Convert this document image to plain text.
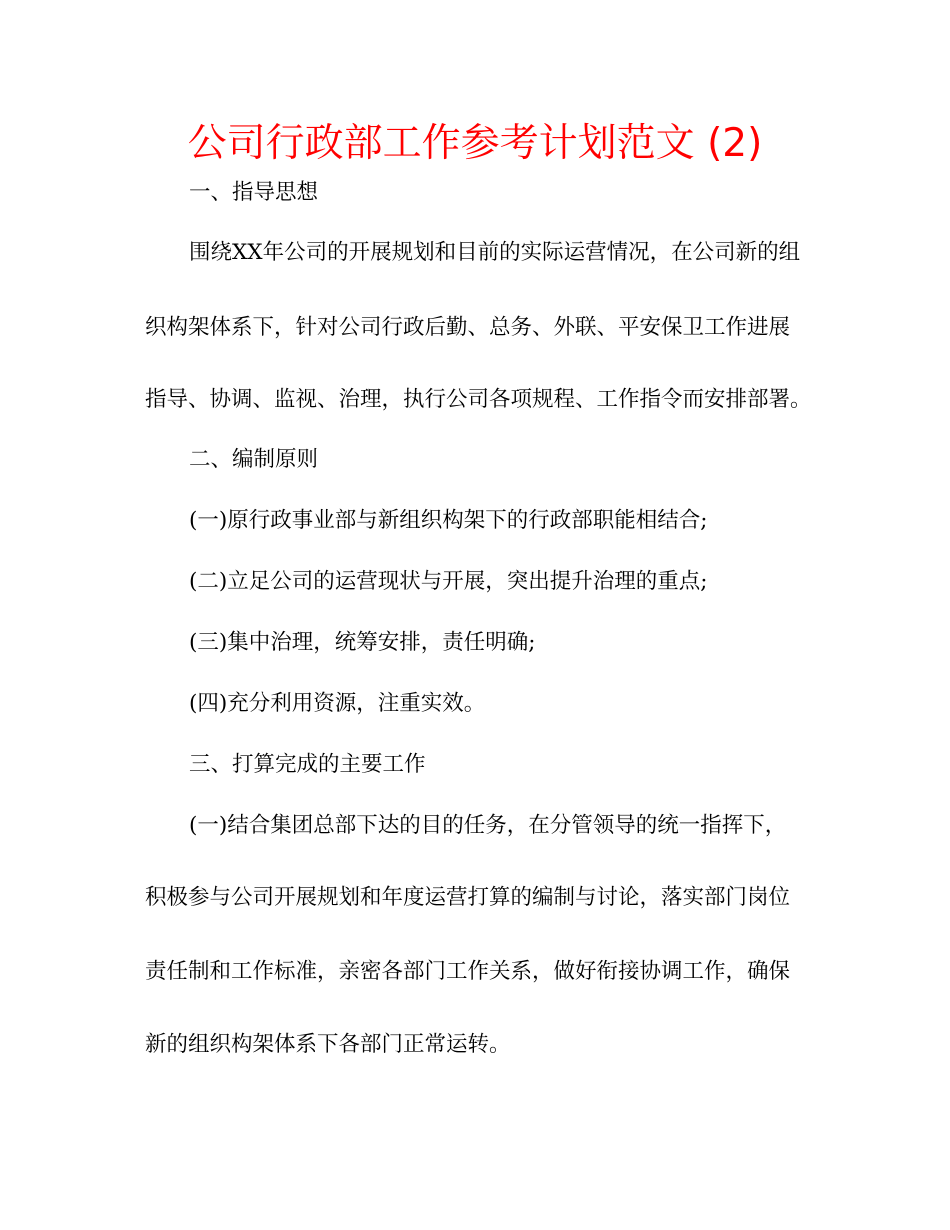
公司行政部工作参考计划范文 (2)

一、指导思想

围绕XX年公司的开展规划和目前的实际运营情况，在公司新的组

织构架体系下，针对公司行政后勤、总务、外联、平安保卫工作进展

指导、协调、监视、治理，执行公司各项规程、工作指令而安排部署。

二、编制原则

(一)原行政事业部与新组织构架下的行政部职能相结合;

(二)立足公司的运营现状与开展，突出提升治理的重点;

(三)集中治理，统筹安排，责任明确;

(四)充分利用资源，注重实效。

三、打算完成的主要工作

(一)结合集团总部下达的目的任务，在分管领导的统一指挥下，

积极参与公司开展规划和年度运营打算的编制与讨论，落实部门岗位

责任制和工作标准，亲密各部门工作关系，做好衔接协调工作，确保

新的组织构架体系下各部门正常运转。
